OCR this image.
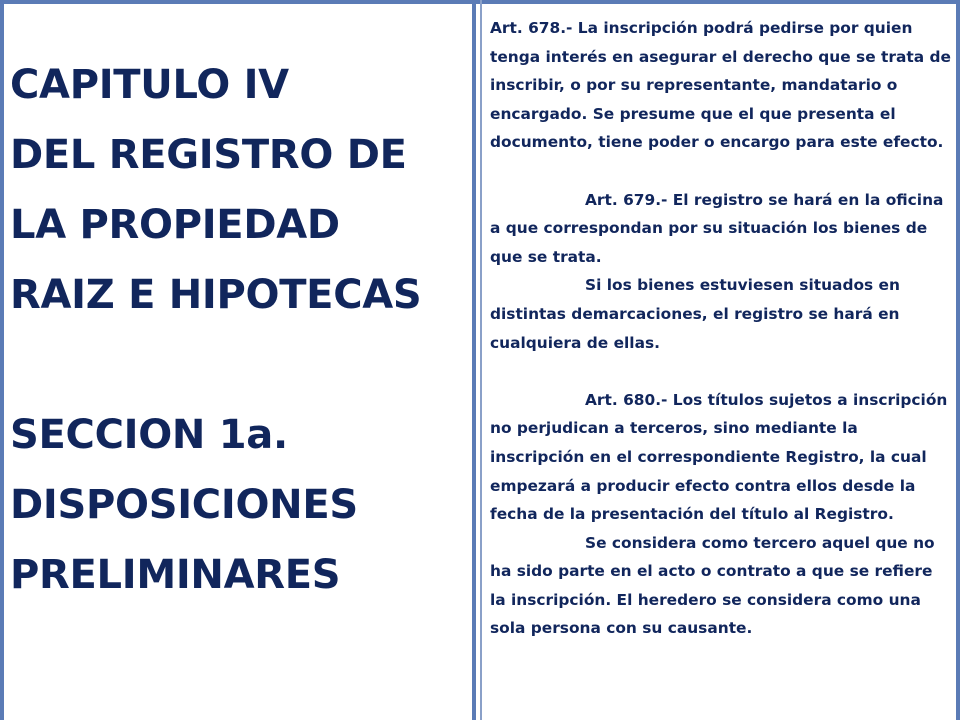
CAPITULO IV
DEL REGISTRO DE
LA PROPIEDAD
RAIZ E HIPOTECAS
SECCION 1a.
DISPOSICIONES
PRELIMINARES

Art. 678.- La inscripción podrá pedirse por quien tenga interés en asegurar el derecho que se trata de inscribir, o por su representante, mandatario o encargado. Se presume que el que presenta el documento, tiene poder o encargo para este efecto.

Art. 679.- El registro se hará en la oficina a que correspondan por su situación los bienes de que se trata.

Si los bienes estuviesen situados en distintas demarcaciones, el registro se hará en cualquiera de ellas.

Art. 680.- Los títulos sujetos a inscripción no perjudican a terceros, sino mediante la inscripción en el correspondiente Registro, la cual empezará a producir efecto contra ellos desde la fecha de la presentación del título al Registro.

Se considera como tercero aquel que no ha sido parte en el acto o contrato a que se refiere la inscripción. El heredero se considera como una sola persona con su causante.
